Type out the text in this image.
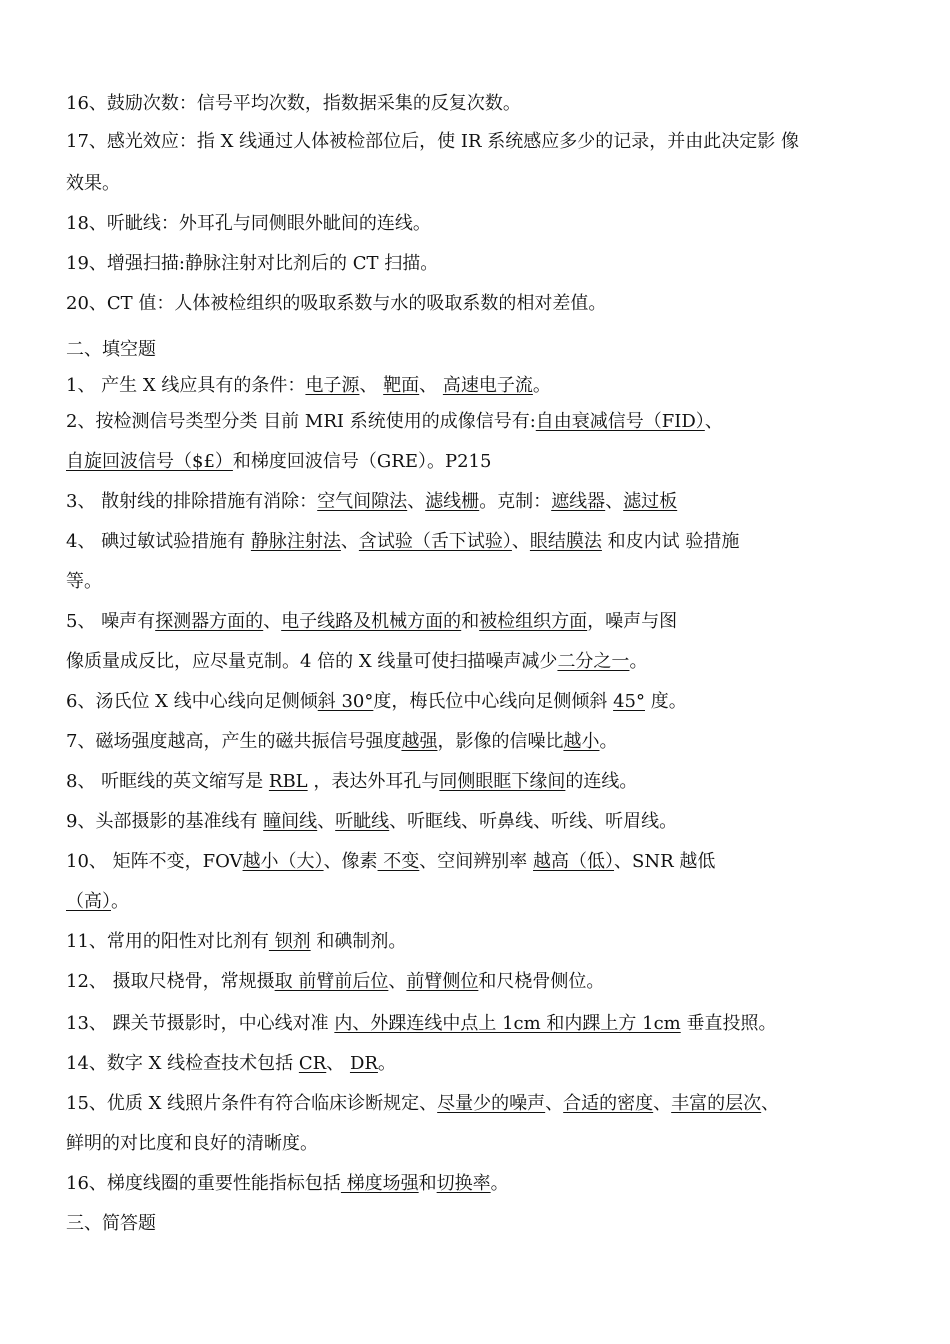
16、鼓励次数：信号平均次数，指数据采集的反复次数。
17、感光效应：指 X 线通过人体被检部位后，使 IR 系统感应多少的记录，并由此决定影 像
效果。
18、听眦线：外耳孔与同侧眼外眦间的连线。
19、增强扫描:静脉注射对比剂后的 CT 扫描。
20、CT 值：人体被检组织的吸取系数与水的吸取系数的相对差值。
二、填空题
1、 产生 X 线应具有的条件：电子源、 靶面、 高速电子流。
2、按检测信号类型分类 目前 MRI 系统使用的成像信号有:自由衰减信号（FID）、
自旋回波信号（$£）和梯度回波信号（GRE）。P215
3、 散射线的排除措施有消除：空气间隙法、滤线栅。克制：遮线器、滤过板
4、 碘过敏试验措施有 静脉注射法、含试验（舌下试验）、眼结膜法 和皮内试 验措施
等。
5、 噪声有探测器方面的、电子线路及机械方面的和被检组织方面，噪声与图
像质量成反比，应尽量克制。4 倍的 X 线量可使扫描噪声减少二分之一。
6、汤氏位 X 线中心线向足侧倾斜 30°度，梅氏位中心线向足侧倾斜 45° 度。
7、磁场强度越高，产生的磁共振信号强度越强，影像的信噪比越小。
8、 听眶线的英文缩写是 RBL ，表达外耳孔与同侧眼眶下缘间的连线。
9、头部摄影的基准线有 瞳间线、听眦线、听眶线、听鼻线、听线、听眉线。
10、 矩阵不变，FOV越小（大）、像素 不变、空间辨别率 越高（低）、SNR 越低
（高）。
11、常用的阳性对比剂有 钡剂 和碘制剂。
12、 摄取尺桡骨，常规摄取 前臂前后位、前臂侧位和尺桡骨侧位。
13、 踝关节摄影时，中心线对准 内、外踝连线中点上 1cm 和内踝上方 1cm 垂直投照。
14、数字 X 线检查技术包括 CR、 DR。
15、优质 X 线照片条件有符合临床诊断规定、尽量少的噪声、合适的密度、丰富的层次、
鲜明的对比度和良好的清晰度。
16、梯度线圈的重要性能指标包括 梯度场强和切换率。
三、简答题
